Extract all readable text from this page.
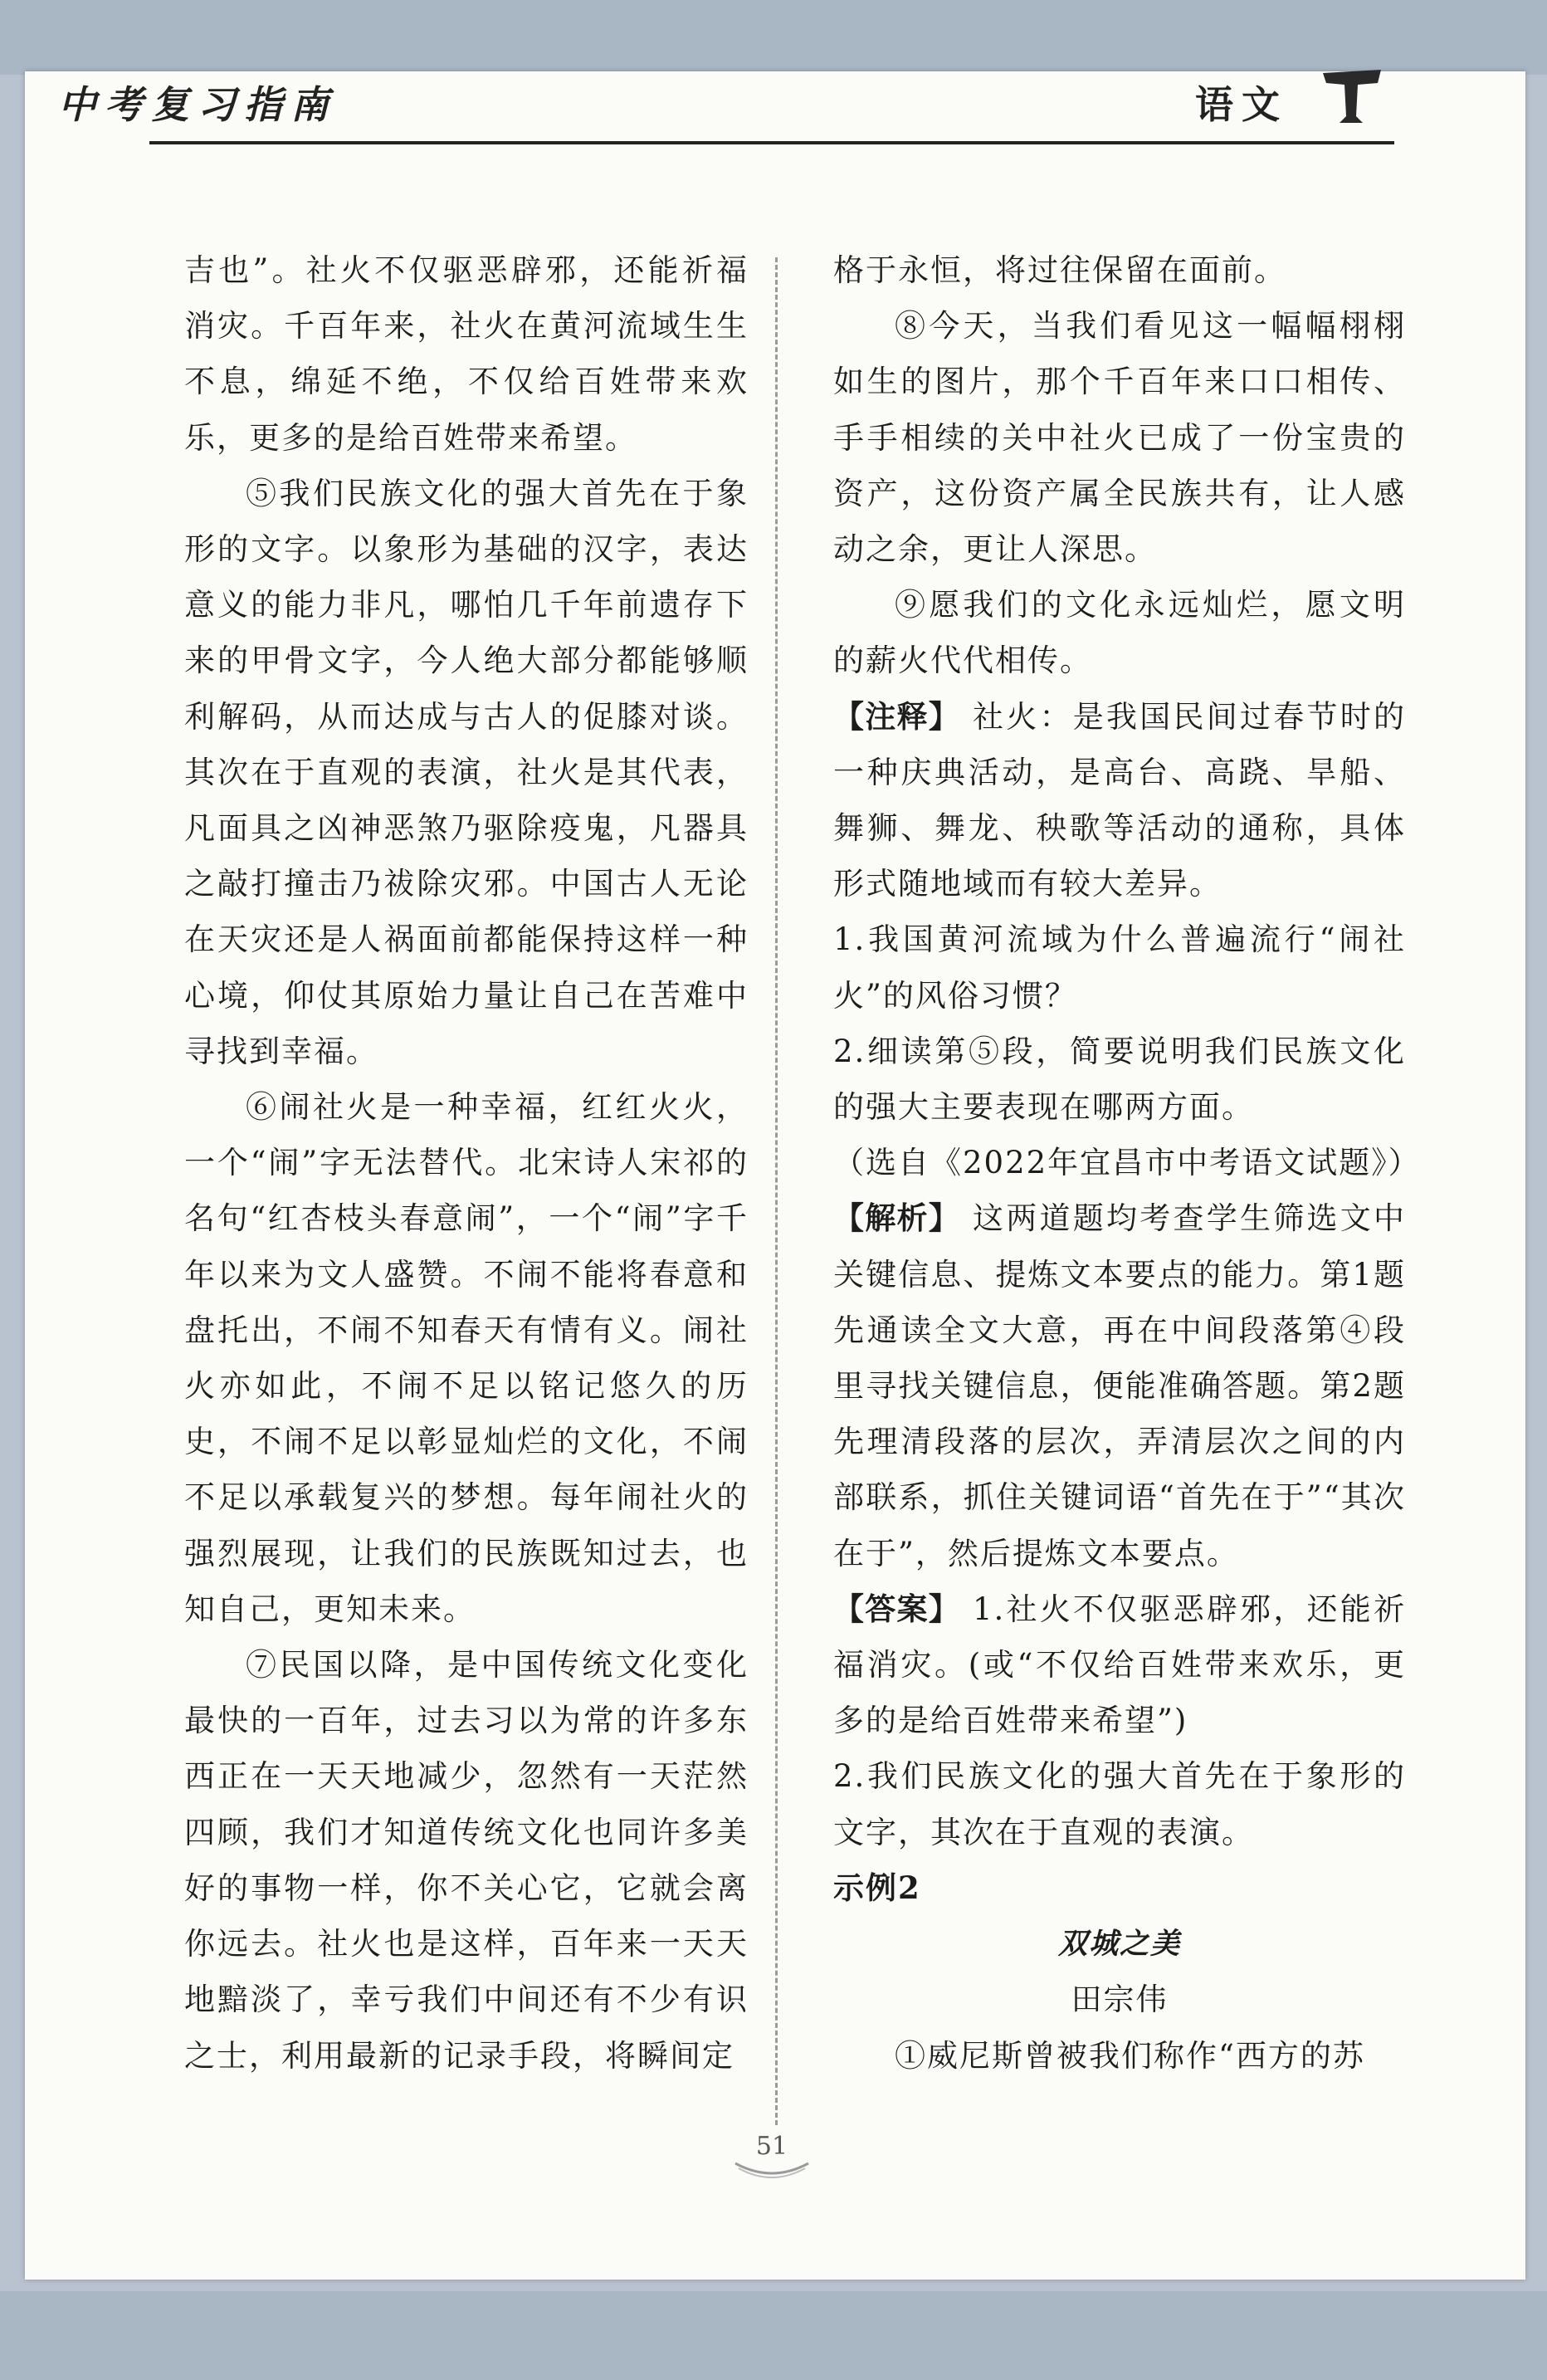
中考复习指南	语文

吉也”。社火不仅驱恶辟邪，还能祈福消灾。千百年来，社火在黄河流域生生不息，绵延不绝，不仅给百姓带来欢乐，更多的是给百姓带来希望。

⑤我们民族文化的强大首先在于象形的文字。以象形为基础的汉字，表达意义的能力非凡，哪怕几千年前遗存下来的甲骨文字，今人绝大部分都能够顺利解码，从而达成与古人的促膝对谈。其次在于直观的表演，社火是其代表，凡面具之凶神恶煞乃驱除疫鬼，凡器具之敲打撞击乃祓除灾邪。中国古人无论在天灾还是人祸面前都能保持这样一种心境，仰仗其原始力量让自己在苦难中寻找到幸福。

⑥闹社火是一种幸福，红红火火，一个“闹”字无法替代。北宋诗人宋祁的名句“红杏枝头春意闹”，一个“闹”字千年以来为文人盛赞。不闹不能将春意和盘托出，不闹不知春天有情有义。闹社火亦如此，不闹不足以铭记悠久的历史，不闹不足以彰显灿烂的文化，不闹不足以承载复兴的梦想。每年闹社火的强烈展现，让我们的民族既知过去，也知自己，更知未来。

⑦民国以降，是中国传统文化变化最快的一百年，过去习以为常的许多东西正在一天天地减少，忽然有一天茫然四顾，我们才知道传统文化也同许多美好的事物一样，你不关心它，它就会离你远去。社火也是这样，百年来一天天地黯淡了，幸亏我们中间还有不少有识之士，利用最新的记录手段，将瞬间定

格于永恒，将过往保留在面前。

⑧今天，当我们看见这一幅幅栩栩如生的图片，那个千百年来口口相传、手手相续的关中社火已成了一份宝贵的资产，这份资产属全民族共有，让人感动之余，更让人深思。

⑨愿我们的文化永远灿烂，愿文明的薪火代代相传。

【注释】 社火：是我国民间过春节时的一种庆典活动，是高台、高跷、旱船、舞狮、舞龙、秧歌等活动的通称，具体形式随地域而有较大差异。

1.我国黄河流域为什么普遍流行“闹社火”的风俗习惯？

2.细读第⑤段，简要说明我们民族文化的强大主要表现在哪两方面。

（选自《2022年宜昌市中考语文试题》）

【解析】 这两道题均考查学生筛选文中关键信息、提炼文本要点的能力。第1题先通读全文大意，再在中间段落第④段里寻找关键信息，便能准确答题。第2题先理清段落的层次，弄清层次之间的内部联系，抓住关键词语“首先在于”“其次在于”，然后提炼文本要点。

【答案】 1.社火不仅驱恶辟邪，还能祈福消灾。(或“不仅给百姓带来欢乐，更多的是给百姓带来希望”)

2.我们民族文化的强大首先在于象形的文字，其次在于直观的表演。

示例2

双城之美

田宗伟

①威尼斯曾被我们称作“西方的苏

51
